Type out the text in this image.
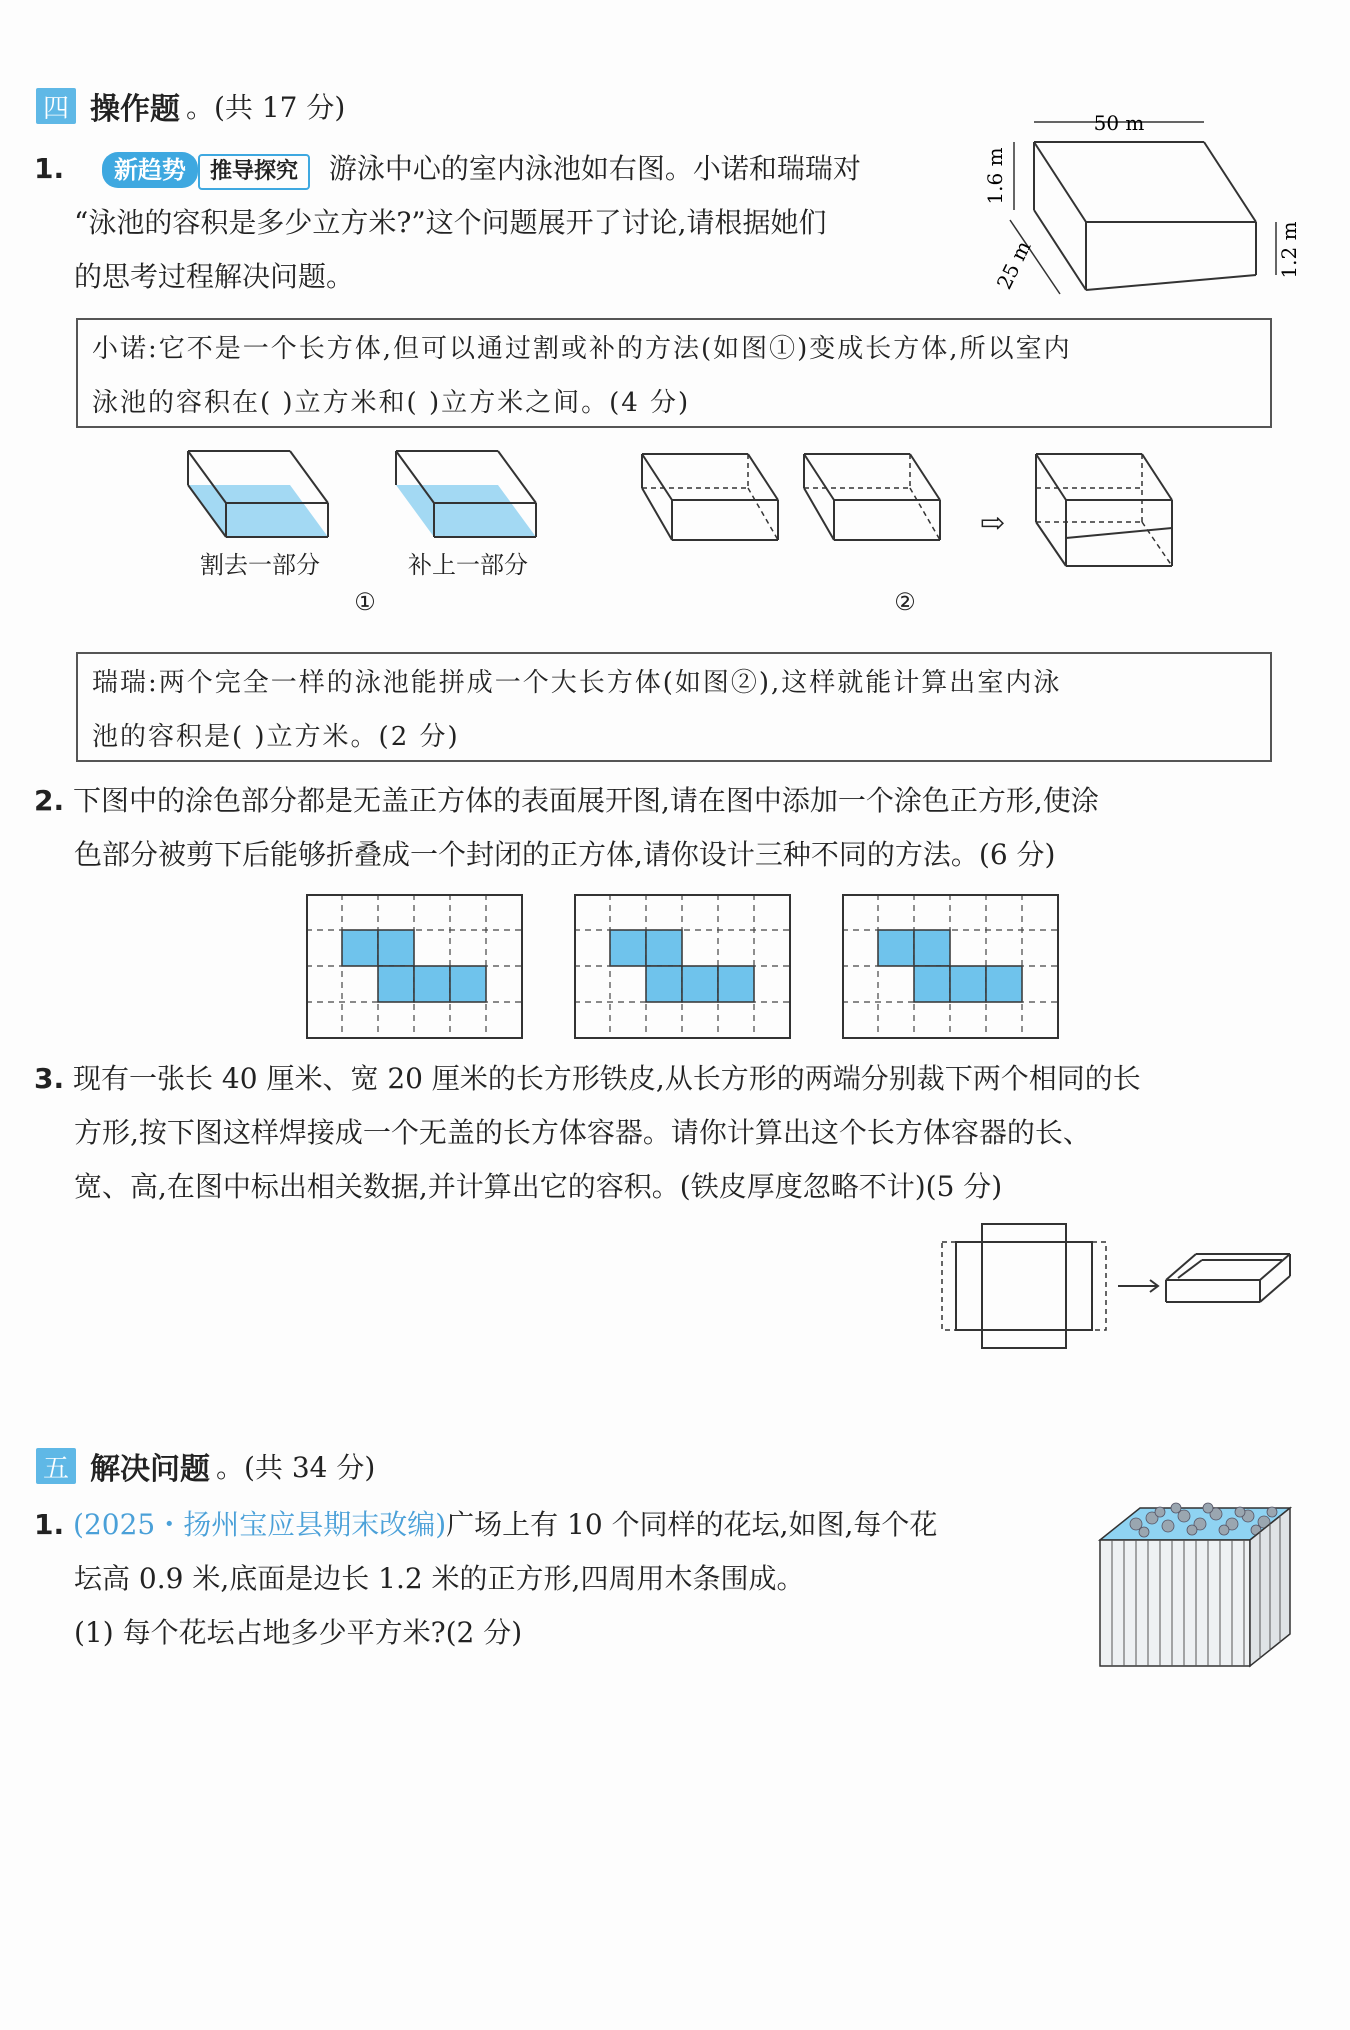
四 操作题 。(共 17 分)
1. 新趋势 推导探究 游泳中心的室内泳池如右图。小诺和瑞瑞对
“泳池的容积是多少立方米?”这个问题展开了讨论,请根据她们
的思考过程解决问题。
50 m
1.6 m
25 m	1.2 m
小诺:它不是一个长方体,但可以通过割或补的方法(如图①)变成长方体,所以室内
泳池的容积在( )立方米和( )立方米之间。(4 分)
割去一部分	补上一部分
①
⇨
②
瑞瑞:两个完全一样的泳池能拼成一个大长方体(如图②),这样就能计算出室内泳
池的容积是( )立方米。(2 分)
2. 下图中的涂色部分都是无盖正方体的表面展开图,请在图中添加一个涂色正方形,使涂
色部分被剪下后能够折叠成一个封闭的正方体,请你设计三种不同的方法。(6 分)
3. 现有一张长 40 厘米、宽 20 厘米的长方形铁皮,从长方形的两端分别裁下两个相同的长
方形,按下图这样焊接成一个无盖的长方体容器。请你计算出这个长方体容器的长、
宽、高,在图中标出相关数据,并计算出它的容积。(铁皮厚度忽略不计)(5 分)
五 解决问题 。(共 34 分)
1. (2025・扬州宝应县期末改编)广场上有 10 个同样的花坛,如图,每个花
坛高 0.9 米,底面是边长 1.2 米的正方形,四周用木条围成。
(1) 每个花坛占地多少平方米?(2 分)
